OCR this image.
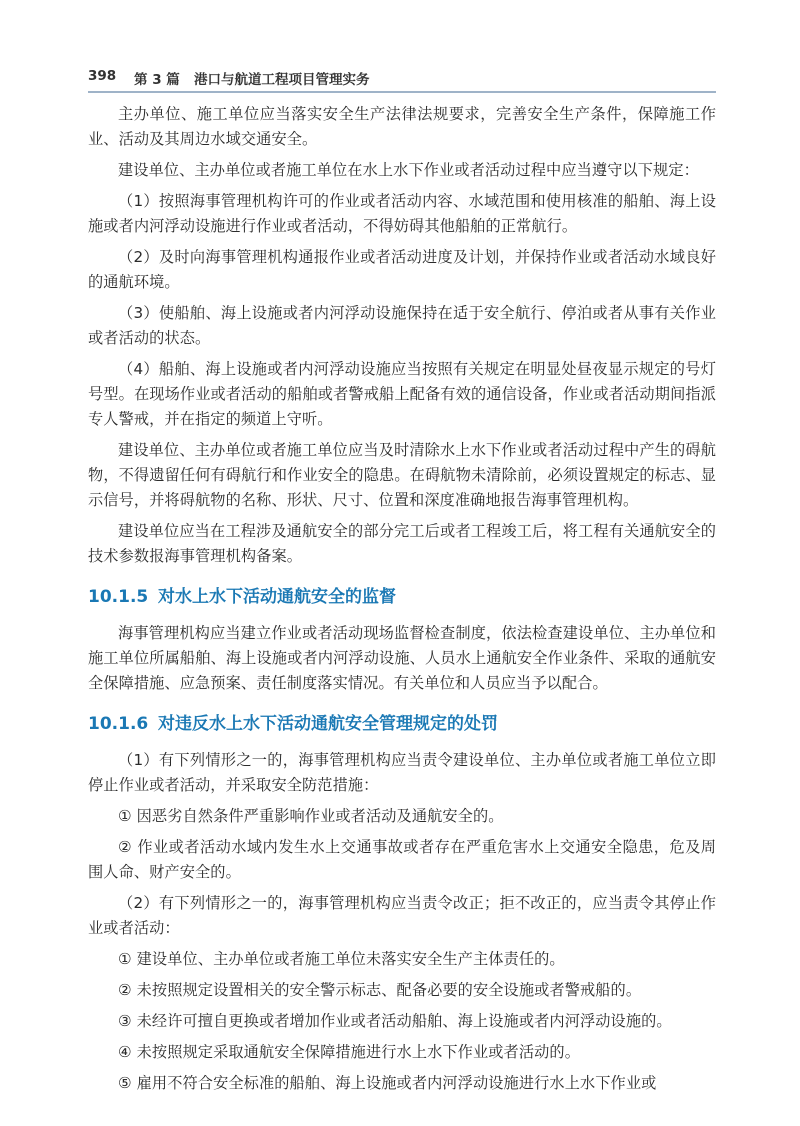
398 第 3 篇 港口与航道工程项目管理实务

主办单位、施工单位应当落实安全生产法律法规要求，完善安全生产条件，保障施工作业、活动及其周边水域交通安全。

建设单位、主办单位或者施工单位在水上水下作业或者活动过程中应当遵守以下规定：

（1）按照海事管理机构许可的作业或者活动内容、水域范围和使用核准的船舶、海上设施或者内河浮动设施进行作业或者活动，不得妨碍其他船舶的正常航行。

（2）及时向海事管理机构通报作业或者活动进度及计划，并保持作业或者活动水域良好的通航环境。

（3）使船舶、海上设施或者内河浮动设施保持在适于安全航行、停泊或者从事有关作业或者活动的状态。

（4）船舶、海上设施或者内河浮动设施应当按照有关规定在明显处昼夜显示规定的号灯号型。在现场作业或者活动的船舶或者警戒船上配备有效的通信设备，作业或者活动期间指派专人警戒，并在指定的频道上守听。

建设单位、主办单位或者施工单位应当及时清除水上水下作业或者活动过程中产生的碍航物，不得遗留任何有碍航行和作业安全的隐患。在碍航物未清除前，必须设置规定的标志、显示信号，并将碍航物的名称、形状、尺寸、位置和深度准确地报告海事管理机构。

建设单位应当在工程涉及通航安全的部分完工后或者工程竣工后，将工程有关通航安全的技术参数报海事管理机构备案。

10.1.5 对水上水下活动通航安全的监督

海事管理机构应当建立作业或者活动现场监督检查制度，依法检查建设单位、主办单位和施工单位所属船舶、海上设施或者内河浮动设施、人员水上通航安全作业条件、采取的通航安全保障措施、应急预案、责任制度落实情况。有关单位和人员应当予以配合。

10.1.6 对违反水上水下活动通航安全管理规定的处罚

（1）有下列情形之一的，海事管理机构应当责令建设单位、主办单位或者施工单位立即停止作业或者活动，并采取安全防范措施：

① 因恶劣自然条件严重影响作业或者活动及通航安全的。

② 作业或者活动水域内发生水上交通事故或者存在严重危害水上交通安全隐患，危及周围人命、财产安全的。

（2）有下列情形之一的，海事管理机构应当责令改正；拒不改正的，应当责令其停止作业或者活动：

① 建设单位、主办单位或者施工单位未落实安全生产主体责任的。

② 未按照规定设置相关的安全警示标志、配备必要的安全设施或者警戒船的。

③ 未经许可擅自更换或者增加作业或者活动船舶、海上设施或者内河浮动设施的。

④ 未按照规定采取通航安全保障措施进行水上水下作业或者活动的。

⑤ 雇用不符合安全标准的船舶、海上设施或者内河浮动设施进行水上水下作业或
